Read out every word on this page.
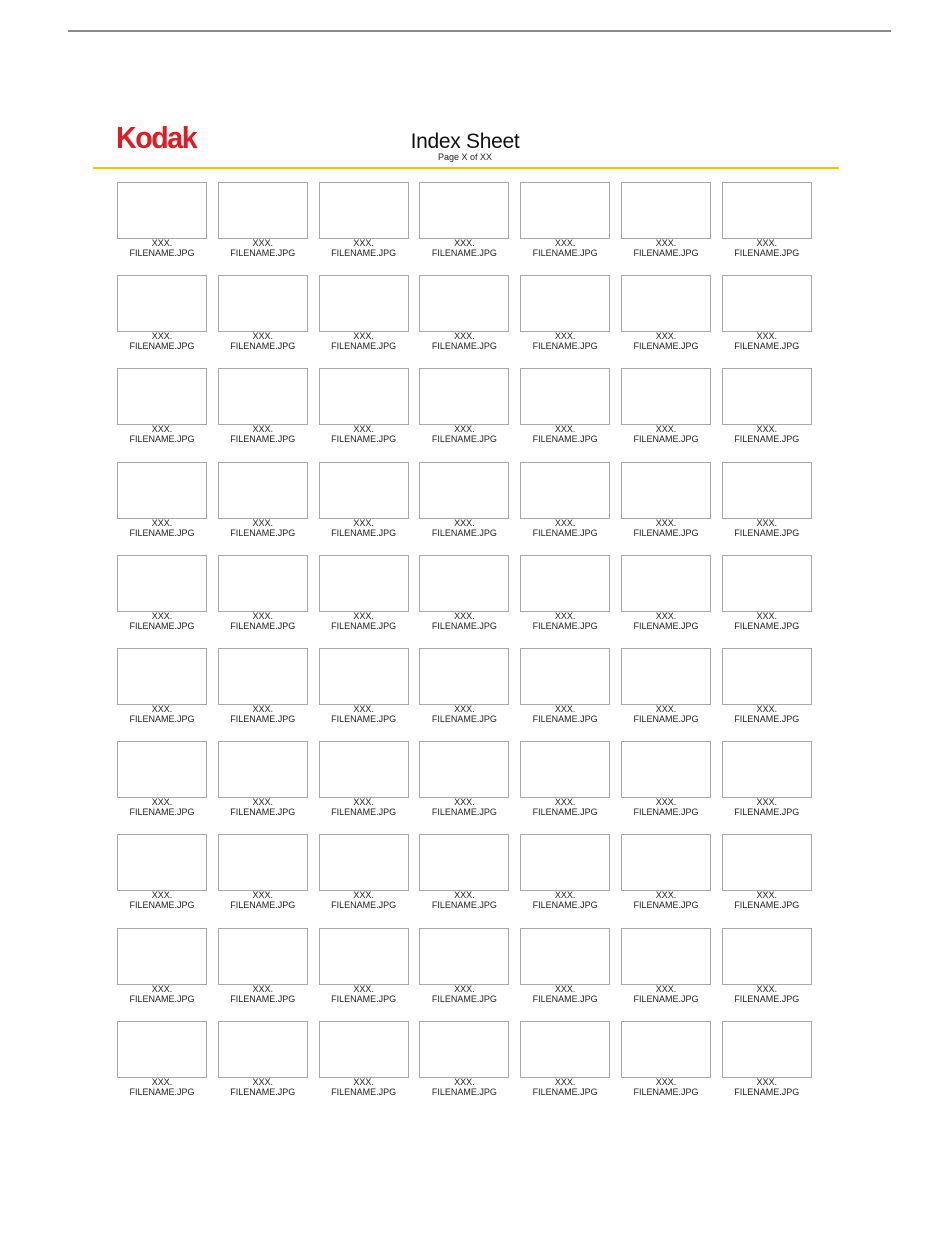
Kodak	Index Sheet
Page X of XX
XXX.
FILENAME.JPG
XXX.
FILENAME.JPG
XXX.
FILENAME.JPG
XXX.
FILENAME.JPG
XXX.
FILENAME.JPG
XXX.
FILENAME.JPG
XXX.
FILENAME.JPG
XXX.
FILENAME.JPG
XXX.
FILENAME.JPG
XXX.
FILENAME.JPG
XXX.
FILENAME.JPG
XXX.
FILENAME.JPG
XXX.
FILENAME.JPG
XXX.
FILENAME.JPG
XXX.
FILENAME.JPG
XXX.
FILENAME.JPG
XXX.
FILENAME.JPG
XXX.
FILENAME.JPG
XXX.
FILENAME.JPG
XXX.
FILENAME.JPG
XXX.
FILENAME.JPG
XXX.
FILENAME.JPG
XXX.
FILENAME.JPG
XXX.
FILENAME.JPG
XXX.
FILENAME.JPG
XXX.
FILENAME.JPG
XXX.
FILENAME.JPG
XXX.
FILENAME.JPG
XXX.
FILENAME.JPG
XXX.
FILENAME.JPG
XXX.
FILENAME.JPG
XXX.
FILENAME.JPG
XXX.
FILENAME.JPG
XXX.
FILENAME.JPG
XXX.
FILENAME.JPG
XXX.
FILENAME.JPG
XXX.
FILENAME.JPG
XXX.
FILENAME.JPG
XXX.
FILENAME.JPG
XXX.
FILENAME.JPG
XXX.
FILENAME.JPG
XXX.
FILENAME.JPG
XXX.
FILENAME.JPG
XXX.
FILENAME.JPG
XXX.
FILENAME.JPG
XXX.
FILENAME.JPG
XXX.
FILENAME.JPG
XXX.
FILENAME.JPG
XXX.
FILENAME.JPG
XXX.
FILENAME.JPG
XXX.
FILENAME.JPG
XXX.
FILENAME.JPG
XXX.
FILENAME.JPG
XXX.
FILENAME.JPG
XXX.
FILENAME.JPG
XXX.
FILENAME.JPG
XXX.
FILENAME.JPG
XXX.
FILENAME.JPG
XXX.
FILENAME.JPG
XXX.
FILENAME.JPG
XXX.
FILENAME.JPG
XXX.
FILENAME.JPG
XXX.
FILENAME.JPG
XXX.
FILENAME.JPG
XXX.
FILENAME.JPG
XXX.
FILENAME.JPG
XXX.
FILENAME.JPG
XXX.
FILENAME.JPG
XXX.
FILENAME.JPG
XXX.
FILENAME.JPG
